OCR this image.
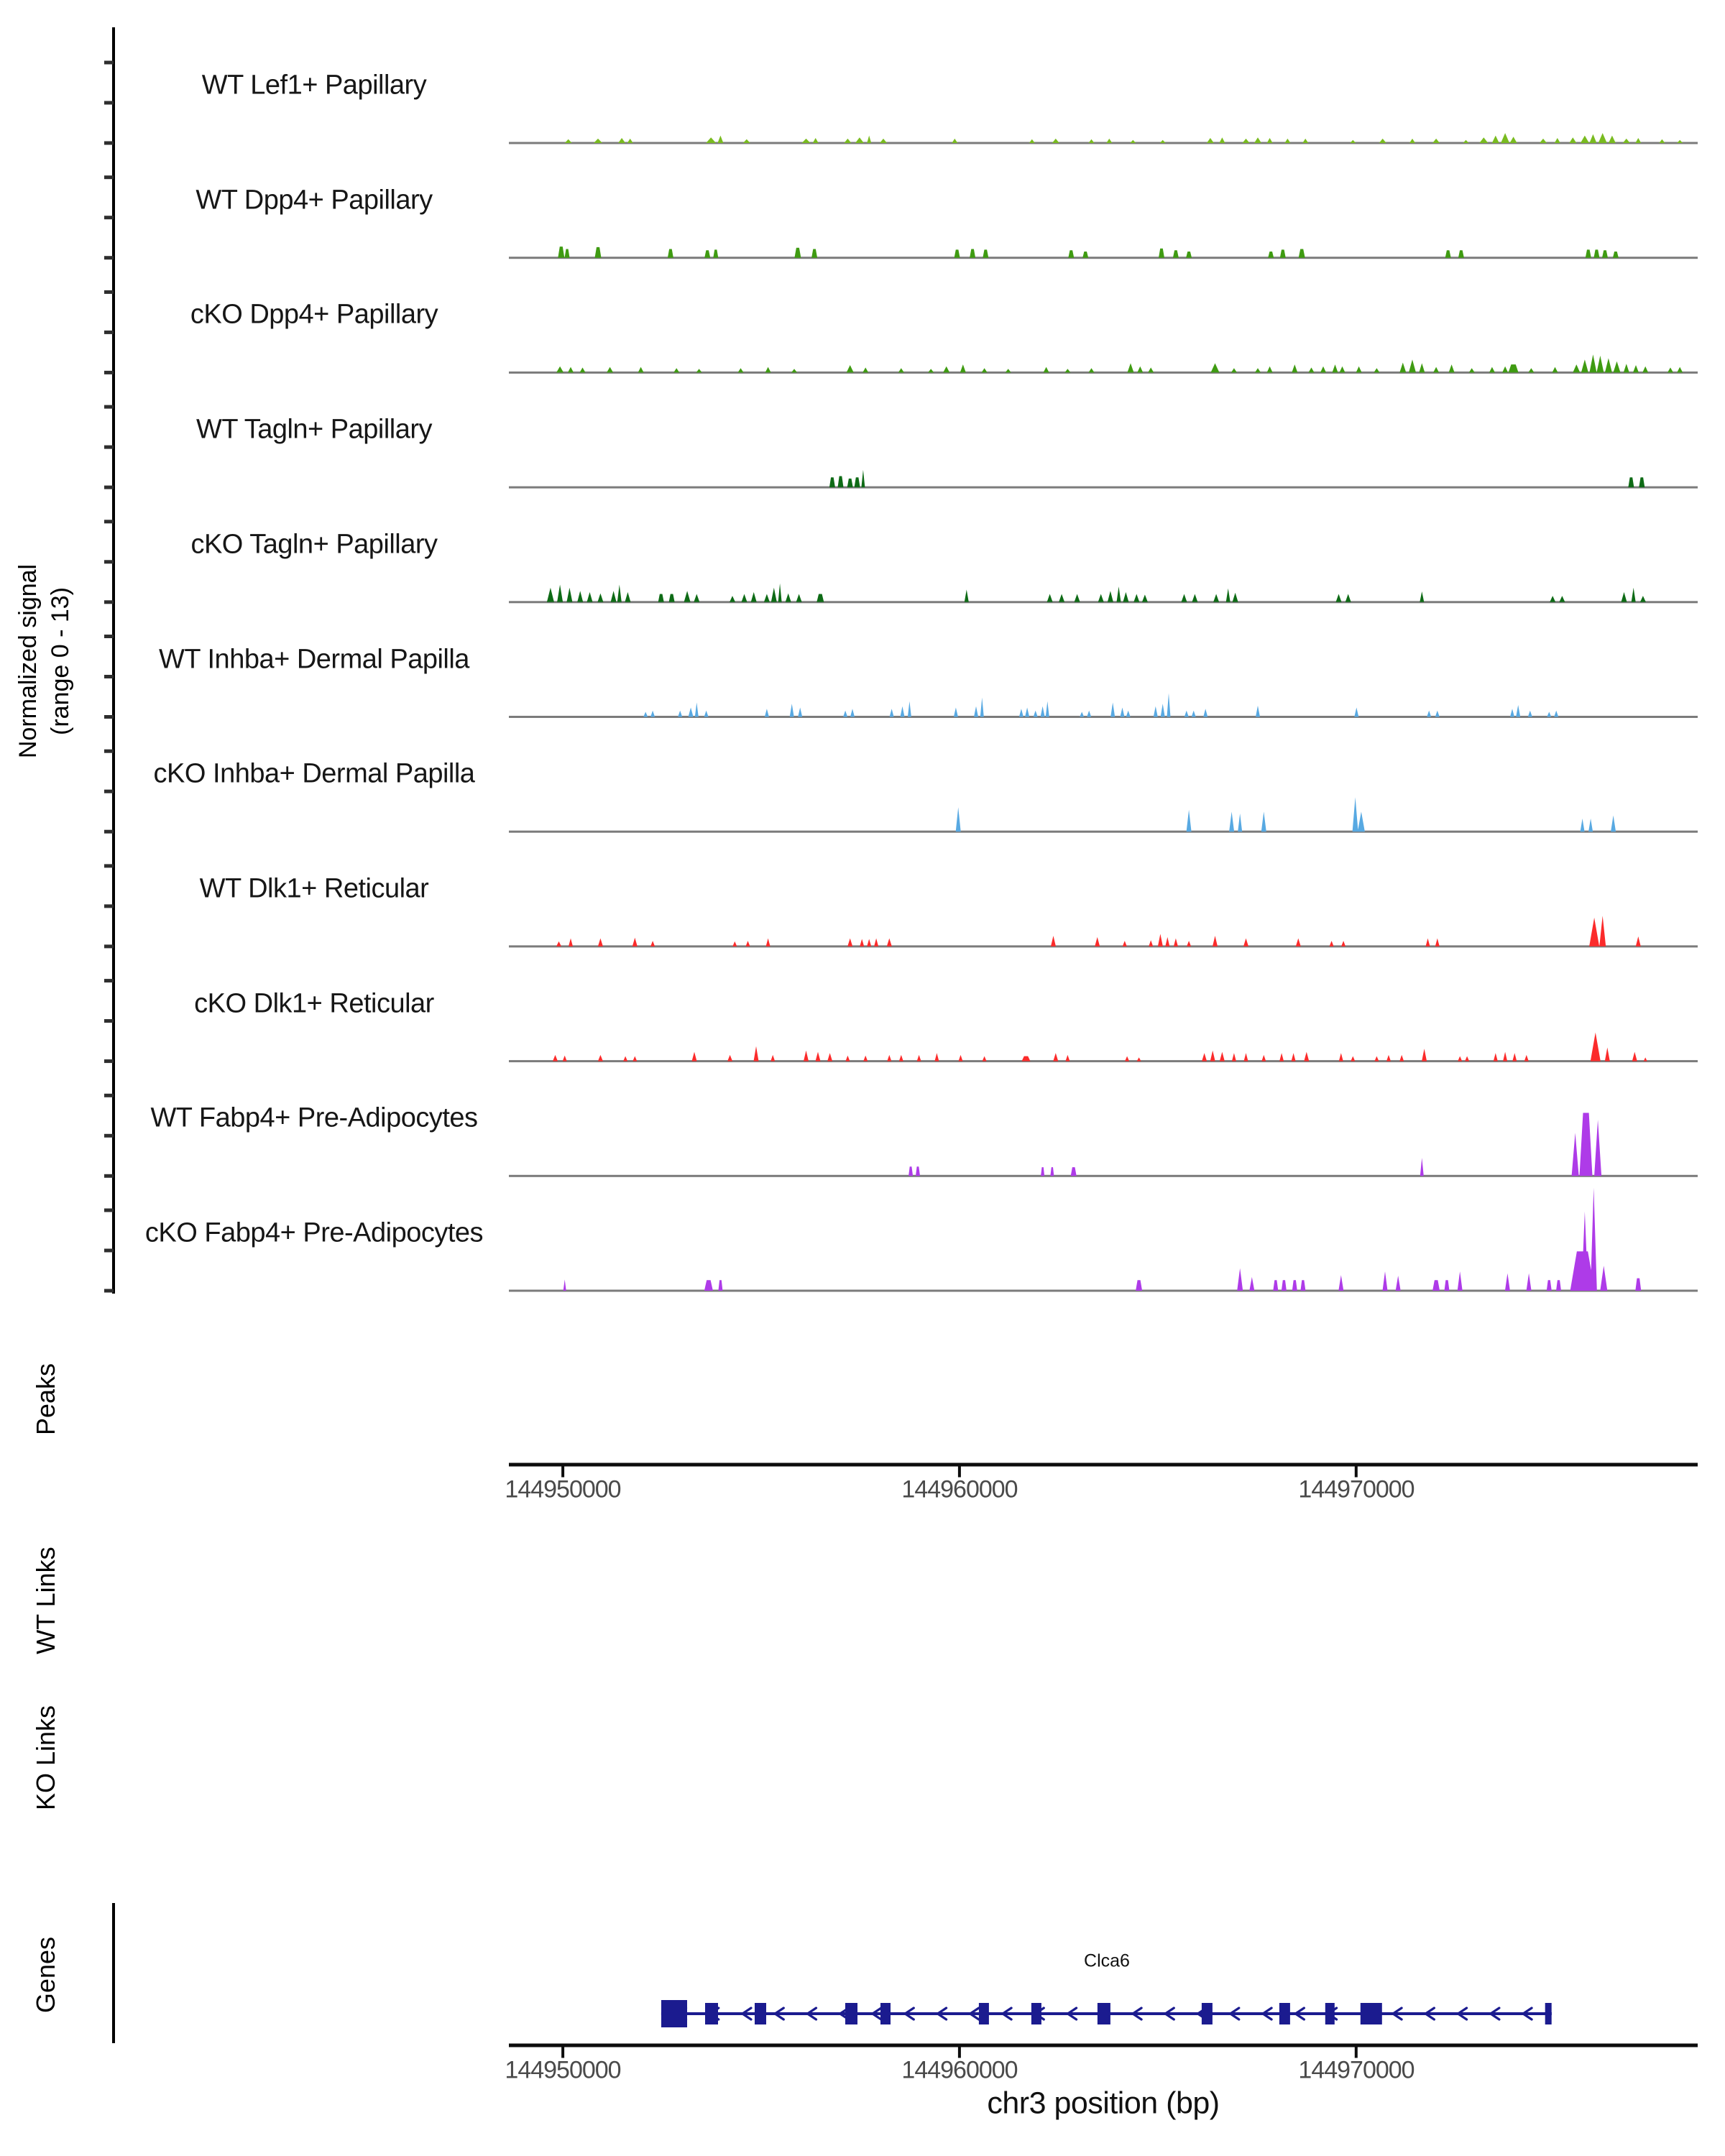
Normalized signal (range 0 - 13)
WT Lef1+ Papillary
WT Dpp4+ Papillary
cKO Dpp4+ Papillary
WT Tagln+ Papillary
cKO Tagln+ Papillary
WT Inhba+ Dermal Papilla
cKO Inhba+ Dermal Papilla
WT Dlk1+ Reticular
cKO Dlk1+ Reticular
WT Fabp4+ Pre-Adipocytes
cKO Fabp4+ Pre-Adipocytes
Peaks
WT Links
KO Links
Genes
144950000	144960000	144970000
144950000	144960000	144970000
Clca6
chr3 position (bp)
